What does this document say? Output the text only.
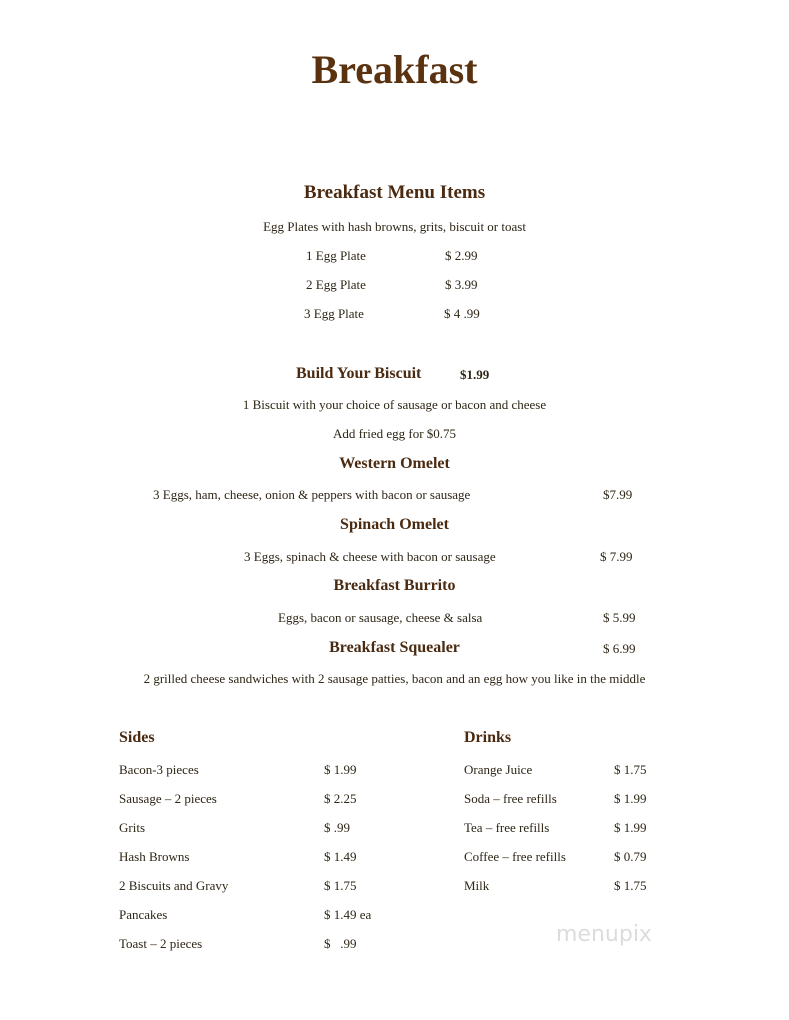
Breakfast
Breakfast Menu Items
Egg Plates with hash browns, grits, biscuit or toast
1 Egg Plate	$ 2.99
2 Egg Plate	$ 3.99
3 Egg Plate	$ 4 .99
Build Your Biscuit	$1.99
1 Biscuit with your choice of sausage or bacon and cheese
Add fried egg for $0.75
Western Omelet
3 Eggs, ham, cheese, onion & peppers with bacon or sausage	$7.99
Spinach Omelet
3 Eggs, spinach & cheese with bacon or sausage	$ 7.99
Breakfast Burrito
Eggs, bacon or sausage, cheese & salsa	$ 5.99
Breakfast Squealer	$ 6.99
2 grilled cheese sandwiches with 2 sausage patties, bacon and an egg how you like in the middle
Sides	Drinks
Bacon-3 pieces	$ 1.99
Sausage – 2 pieces	$ 2.25
Grits	$ .99
Hash Browns	$ 1.49
2 Biscuits and Gravy	$ 1.75
Pancakes	$ 1.49 ea
Toast – 2 pieces	$   .99
Orange Juice	$ 1.75
Soda – free refills	$ 1.99
Tea – free refills	$ 1.99
Coffee – free refills	$ 0.79
Milk	$ 1.75
menupix
